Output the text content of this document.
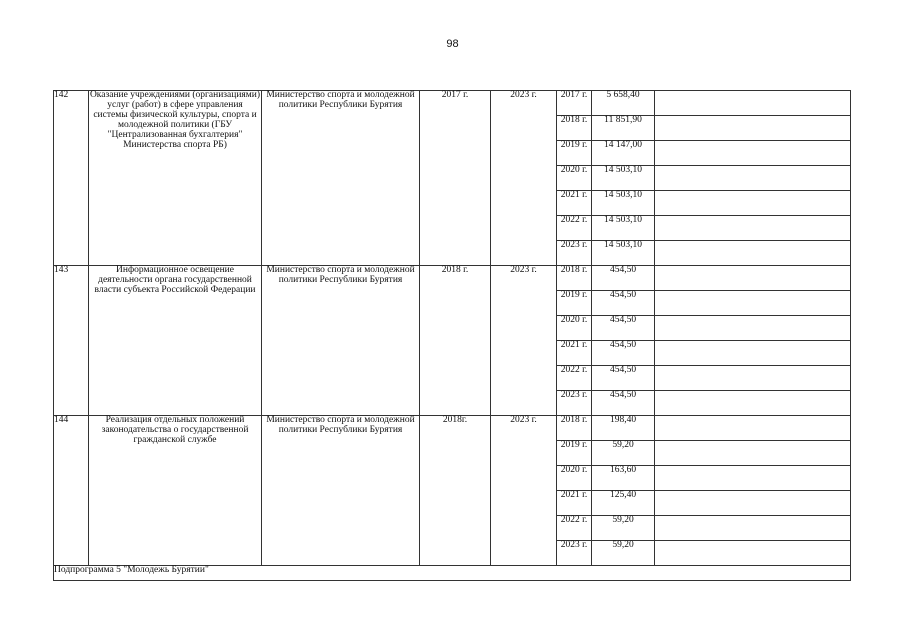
98
142	Оказание учреждениями (организациями) услуг (работ) в сфере управления системы физической культуры, спорта и молодежной политики (ГБУ "Централизованная бухгалтерия" Министерства спорта РБ)	Министерство спорта и молодежной политики Республики Бурятия	2017 г.	2023 г.	2017 г.	5 658,40	
					2018 г.	11 851,90	
					2019 г.	14 147,00	
					2020 г.	14 503,10	
					2021 г.	14 503,10	
					2022 г.	14 503,10	
					2023 г.	14 503,10	
143	Информационное освещение деятельности органа государственной власти субъекта Российской Федерации	Министерство спорта и молодежной политики Республики Бурятия	2018 г.	2023 г.	2018 г.	454,50	
					2019 г.	454,50	
					2020 г.	454,50	
					2021 г.	454,50	
					2022 г.	454,50	
					2023 г.	454,50	
144	Реализация отдельных положений законодательства о государственной гражданской службе	Министерство спорта и молодежной политики Республики Бурятия	2018г.	2023 г.	2018 г.	198,40	
					2019 г.	59,20	
					2020 г.	163,60	
					2021 г.	125,40	
					2022 г.	59,20	
					2023 г.	59,20	
Подпрограмма 5 "Молодежь Бурятии"							
